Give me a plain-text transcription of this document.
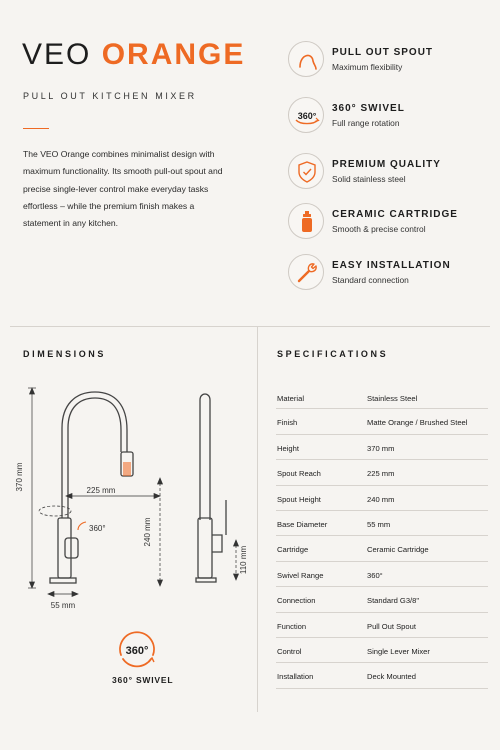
VEO ORANGE
PULL OUT KITCHEN MIXER

The VEO Orange combines minimalist design with maximum functionality. Its smooth pull-out spout and precise single-lever control make everyday tasks effortless – while the premium finish makes a statement in any kitchen.

PULL OUT SPOUT
Maximum flexibility
360°
360° SWIVEL
Full range rotation
PREMIUM QUALITY
Solid stainless steel
CERAMIC CARTRIDGE
Smooth & precise control
EASY INSTALLATION
Standard connection
DIMENSIONS
370 mm
360°
225 mm
240 mm
55 mm
110 mm
360°
360° SWIVEL
SPECIFICATIONS
Material	Stainless Steel
Finish	Matte Orange / Brushed Steel
Height	370 mm
Spout Reach	225 mm
Spout Height	240 mm
Base Diameter	55 mm
Cartridge	Ceramic Cartridge
Swivel Range	360°
Connection	Standard G3/8"
Function	Pull Out Spout
Control	Single Lever Mixer
Installation	Deck Mounted
